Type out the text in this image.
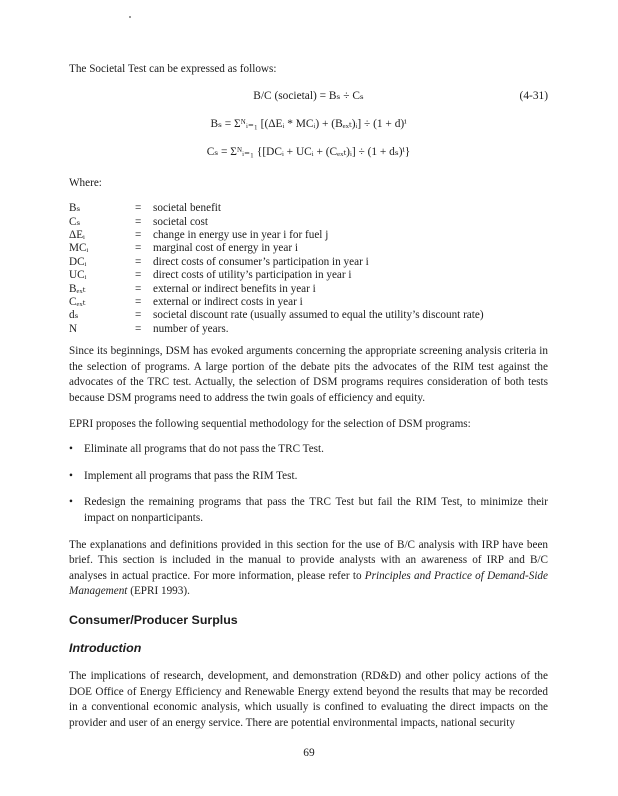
The Societal Test can be expressed as follows:

B/C (societal) = Bₛ ÷ Cₛ	(4-31)
Bₛ = Σᴺᵢ₌₁ [(ΔEᵢ * MCᵢ) + (Bₑₓₜ)ᵢ] ÷ (1 + d)ⁱ
Cₛ = Σᴺᵢ₌₁ {[DCᵢ + UCᵢ + (Cₑₓₜ)ᵢ] ÷ (1 + dₛ)ⁱ}

Where:

Bₛ	=	societal benefit
Cₛ	=	societal cost
ΔEᵢ	=	change in energy use in year i for fuel j
MCᵢ	=	marginal cost of energy in year i
DCᵢ	=	direct costs of consumer’s participation in year i
UCᵢ	=	direct costs of utility’s participation in year i
Bₑₓₜ	=	external or indirect benefits in year i
Cₑₓₜ	=	external or indirect costs in year i
dₛ	=	societal discount rate (usually assumed to equal the utility’s discount rate)
N	=	number of years.

Since its beginnings, DSM has evoked arguments concerning the appropriate screening analysis criteria in the selection of programs. A large portion of the debate pits the advocates of the RIM test against the advocates of the TRC test. Actually, the selection of DSM programs requires consideration of both tests because DSM programs need to address the twin goals of efficiency and equity.

EPRI proposes the following sequential methodology for the selection of DSM programs:

• Eliminate all programs that do not pass the TRC Test.
• Implement all programs that pass the RIM Test.
• Redesign the remaining programs that pass the TRC Test but fail the RIM Test, to minimize their impact on nonparticipants.

The explanations and definitions provided in this section for the use of B/C analysis with IRP have been brief. This section is included in the manual to provide analysts with an awareness of IRP and B/C analyses in actual practice. For more information, please refer to Principles and Practice of Demand-Side Management (EPRI 1993).

Consumer/Producer Surplus
Introduction

The implications of research, development, and demonstration (RD&D) and other policy actions of the DOE Office of Energy Efficiency and Renewable Energy extend beyond the results that may be recorded in a conventional economic analysis, which usually is confined to evaluating the direct impacts on the provider and user of an energy service. There are potential environmental impacts, national security

69
